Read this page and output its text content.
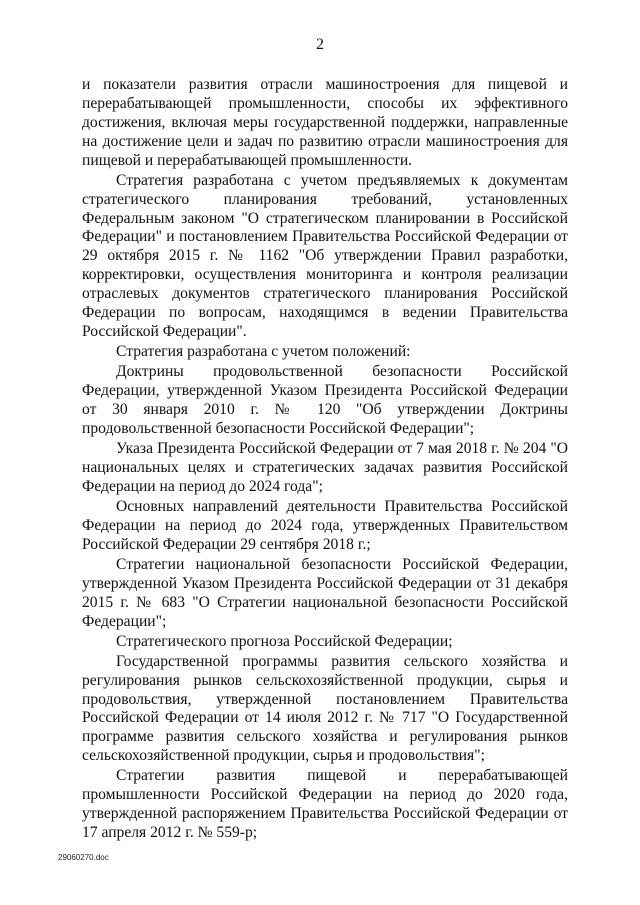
2

и показатели развития отрасли машиностроения для пищевой и перерабатывающей промышленности, способы их эффективного достижения, включая меры государственной поддержки, направленные на достижение цели и задач по развитию отрасли машиностроения для пищевой и перерабатывающей промышленности.

Стратегия разработана с учетом предъявляемых к документам стратегического планирования требований, установленных Федеральным законом "О стратегическом планировании в Российской Федерации" и постановлением Правительства Российской Федерации от 29 октября 2015 г. № 1162 "Об утверждении Правил разработки, корректировки, осуществления мониторинга и контроля реализации отраслевых документов стратегического планирования Российской Федерации по вопросам, находящимся в ведении Правительства Российской Федерации".

Стратегия разработана с учетом положений:

Доктрины продовольственной безопасности Российской Федерации, утвержденной Указом Президента Российской Федерации от 30 января 2010 г. № 120 "Об утверждении Доктрины продовольственной безопасности Российской Федерации";

Указа Президента Российской Федерации от 7 мая 2018 г. № 204 "О национальных целях и стратегических задачах развития Российской Федерации на период до 2024 года";

Основных направлений деятельности Правительства Российской Федерации на период до 2024 года, утвержденных Правительством Российской Федерации 29 сентября 2018 г.;

Стратегии национальной безопасности Российской Федерации, утвержденной Указом Президента Российской Федерации от 31 декабря 2015 г. № 683 "О Стратегии национальной безопасности Российской Федерации";

Стратегического прогноза Российской Федерации;

Государственной программы развития сельского хозяйства и регулирования рынков сельскохозяйственной продукции, сырья и продовольствия, утвержденной постановлением Правительства Российской Федерации от 14 июля 2012 г. № 717 "О Государственной программе развития сельского хозяйства и регулирования рынков сельскохозяйственной продукции, сырья и продовольствия";

Стратегии развития пищевой и перерабатывающей промышленности Российской Федерации на период до 2020 года, утвержденной распоряжением Правительства Российской Федерации от 17 апреля 2012 г. № 559-р;

29060270.doc
